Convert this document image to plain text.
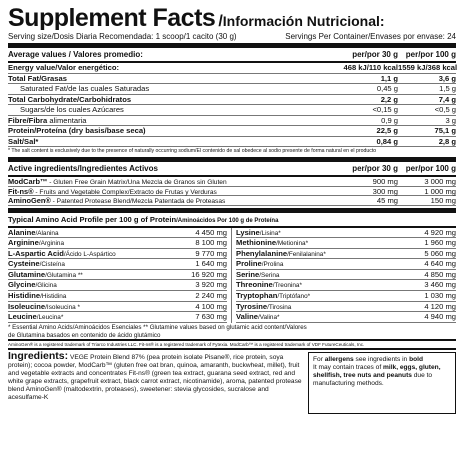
Supplement Facts / Información Nutricional:
Serving size/Dosis Diaria Recomendada: 1 scoop/1 cacito (30 g)	Servings Per Container/Envases por envase: 24
Average values / Valores promedio:	per/por 30 g per/por 100 g
Energy value/Valor energético:	468 kJ/110 kcal 1559 kJ/368 kcal
Total Fat/Grasas	1,1 g	3,6 g
Saturated Fat/de las cuales Saturadas	0,45 g	1,5 g
Total Carbohydrate/Carbohidratos	2,2 g	7,4 g
Sugars/de los cuales Azúcares	<0,15 g	<0,5 g
Fibre/Fibra alimentaria	0,9 g	3 g
Protein/Proteína (dry basis/base seca)	22,5 g	75,1 g
Salt/Sal*	0,84 g	2,8 g
* The salt content is exclusively due to the presence of naturally occurring sodium/El contenido de sal obedece al sodio presente de forma natural en el producto
Active ingredients/Ingredientes Activos	per/por 30 g per/por 100 g
ModCarb™ - Gluten Free Grain Matrix/Una Mezcla de Granos sin Gluten	900 mg	3 000 mg
Fit-ns® - Fruits and Vegetable Complex/Extracto de Frutas y Verduras	300 mg	1 000 mg
AminoGen® - Patented Protease Blend/Mezcla Patentada de Proteasas	45 mg	150 mg
Typical Amino Acid Profile per 100 g of Protein/Aminoácidos Por 100 g de Proteína
Alanine/Alanina	4 450 mg
Arginine/Arginina	8 100 mg
L-Aspartic Acid/Ácido L-Aspártico	9 770 mg
Cysteine/Cisteína	1 640 mg
Glutamine/Glutamina **	16 920 mg
Glycine/Glicina	3 920 mg
Histidine/Histidina	2 240 mg
Isoleucine/Isoleucina *	4 100 mg
Leucine/Leucina*	7 630 mg
Lysine/Lisina*	4 920 mg
Methionine/Metionina*	1 960 mg
Phenylalanine/Fenilalanina*	5 060 mg
Proline/Prolina	4 640 mg
Serine/Serina	4 850 mg
Threonine/Treonina*	3 460 mg
Tryptophan/Triptófano*	1 030 mg
Tyrosine/Tirosina	4 120 mg
Valine/Valina*	4 940 mg
* Essential Amino Acids/Aminoácidos Esenciales ** Glutamine values based on glutamic acid content/Valores
de Glutamina basados en contenido de ácido glutámico
AminoGen® is a registered trademark of Triarco Industries LLC. Fit-ns® is a registered trademark of Fytexia. ModCarb™ is a registered trademark of VDF FutureCeuticals, Inc.
Ingredients: VEGE Protein Blend 87% (pea protein isolate Pisane®, rice protein, soya protein); cocoa powder, ModCarb™ (gluten free oat bran, quinoa, amaranth, buckwheat, millet), fruit and vegetable extracts and concentrates Fit-ns® (green tea extract, guarana seed extract, red and white grape extracts, grapefruit extract, black carrot extract, nicotinamide), aroma, patented protease blend AminoGen® (maltodextrin, proteases), sweetener: stevia glycosides, sucralose and acesulfame-K
For allergens see ingredients in bold
It may contain traces of milk, eggs, gluten, shellfish, tree nuts and peanuts due to manufacturing methods.
